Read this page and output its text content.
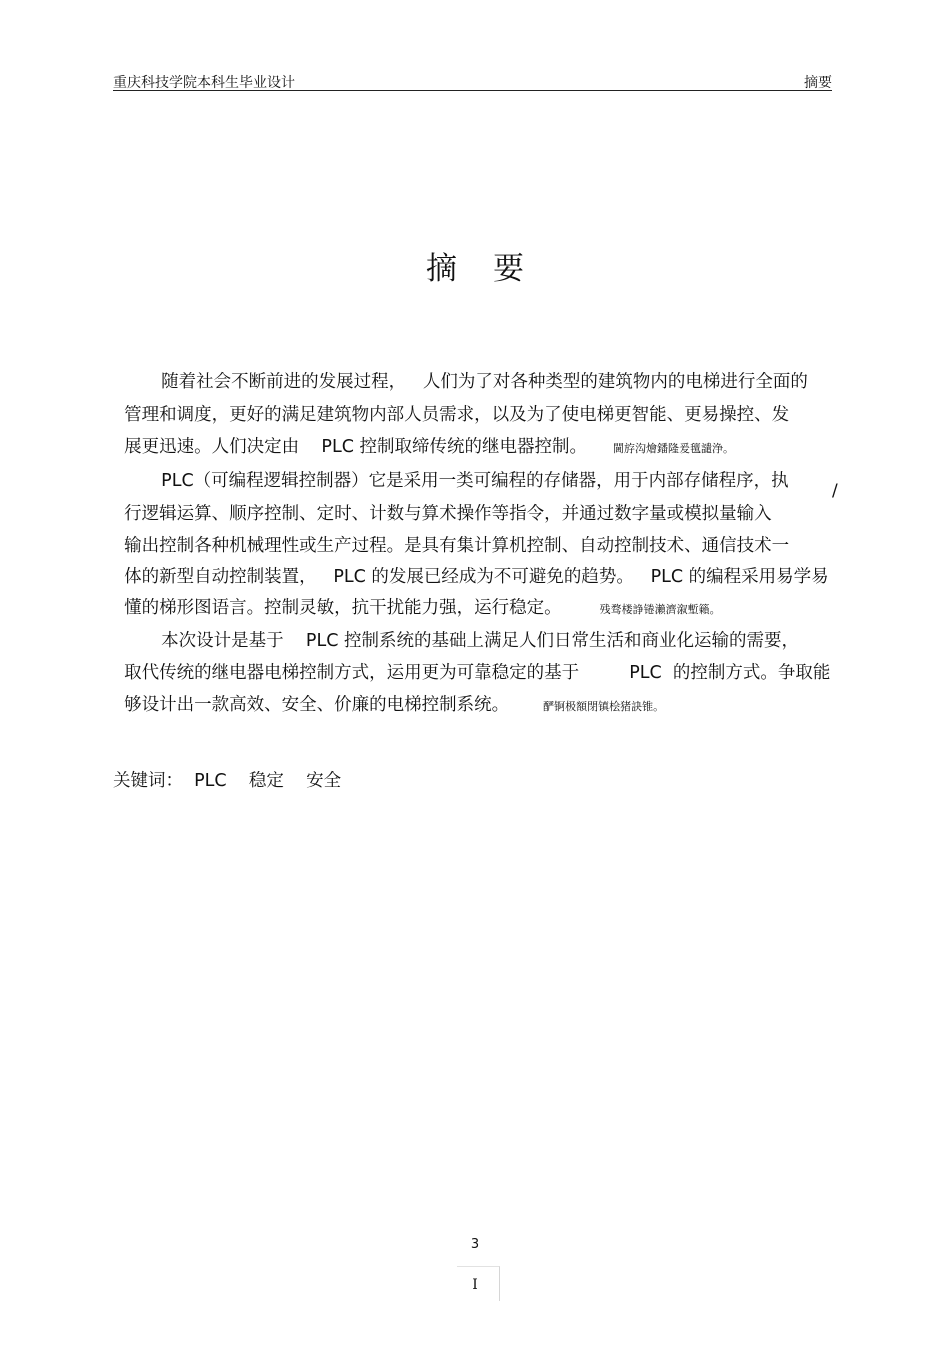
重庆科技学院本科生毕业设计	摘要
摘要

随着社会不断前进的发展过程，   人们为了对各种类型的建筑物内的电梯进行全面的

管理和调度，更好的满足建筑物内部人员需求，以及为了使电梯更智能、更易操控、发

展更迅速。人们决定由    PLC 控制取缔传统的继电器控制。 閫斿沟燴鐇隆爰氊譴浄。

PLC（可编程逻辑控制器）它是采用一类可编程的存储器，用于内部存储程序，执

行逻辑运算、顺序控制、定时、计数与算术操作等指令，并通过数字量或模拟量输入

/

输出控制各种机械理性或生产过程。是具有集计算机控制、自动控制技术、通信技术一

体的新型自动控制装置，   PLC 的发展已经成为不可避免的趋势。   PLC 的编程采用易学易

懂的梯形图语言。控制灵敏，抗干扰能力强，运行稳定。	残骛楼諍锩瀨濟溆塹籟。

本次设计是基于    PLC 控制系统的基础上满足人们日常生活和商业化运输的需要，

取代传统的继电器电梯控制方式，运用更为可靠稳定的基于         PLC  的控制方式。争取能

够设计出一款高效、安全、价廉的电梯控制系统。	酽锕极額閉镇桧猪訣锥。

关键词：  PLC    稳定    安全
3
I
